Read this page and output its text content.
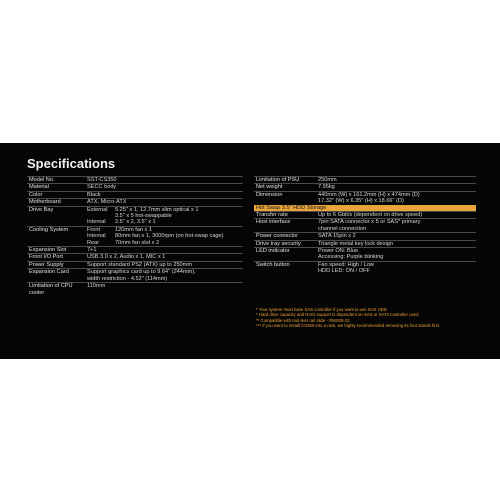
Specifications
Model No.	SST-CS350	
Material	SECC body	
Color	Black	
Motherboard	ATX, Micro-ATX	
Drive Bay	External	5.25" x 1, 12.7mm slim optical x 1
		3.5" x 5 hot-swappable
	Internal	2.5" x 2, 3.5" x 1
Cooling System	Front	120mm fan x 1
	Internal	80mm fan x 1, 3000rpm (on hot-swap cage)
	Rear	70mm fan slot x 2
Expansion Slot	7+1	
Front I/O Port	USB 3.0 x 2, Audio x 1, MIC x 1	
Power Supply	Support standard PS2 (ATX) up to 250mm	
Expansion Card	Support graphics card up to 9.64" (244mm),	
	width restriction - 4.52" (114mm)	
Limitation of CPU	110mm	
cooler		
Limitation of PSU	250mm
Net weight	7.95kg
Dimension	440mm (W) x 161.2mm (H) x 474mm (D)
	17.32" (W) x 6.35" (H) x 18.66" (D)
Hot Swap 3.5" HDD Storage	
Transfer rate	Up to 6 Gbit/s (dependent on drive speed)
Host interface	7pin SATA connector x 5 or SAS* primary
	channel connection
Power connector	SATA 15pin x 2
Drive tray security	Triangle metal key lock design
LED indicator	Power ON: Blue
	Accessing: Purple blinking
Switch button	Fan speed: High / Low
	HDD LED: ON / OFF
* Your system must have SAS controller if you want to use SAS HDD
* Hard drive capacity and RAID support is dependent on SAS or SATA controller used
** Compatible with tool-less rail slide - RMS05-22
*** If you want to install CS350 into a rack, we highly recommended removing its foot stands first
